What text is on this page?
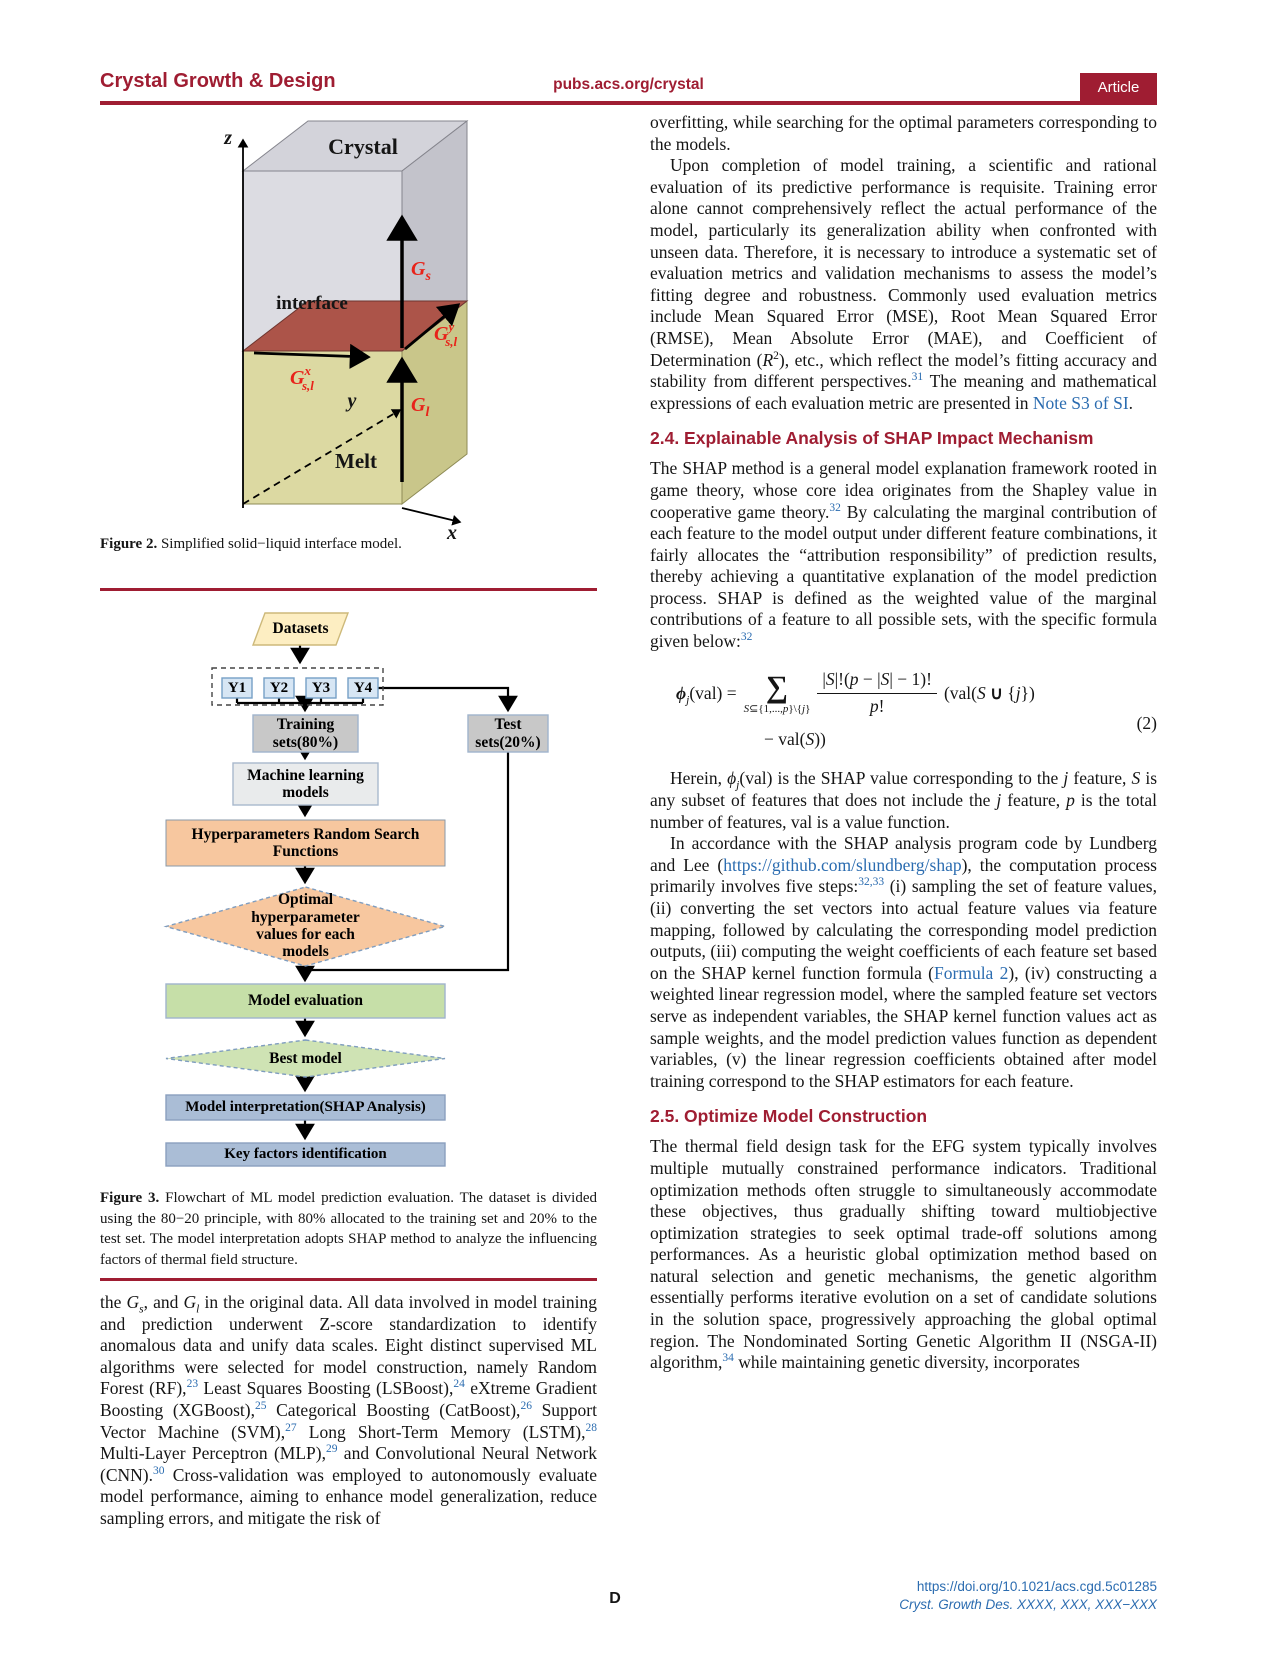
Crystal Growth & Design	pubs.acs.org/crystal	Article
Crystal
interface
Melt
z
y
x
$G_s$
$G_l$
$G^x$ s,l
$G^y$ s,l
Figure 2. Simplified solid−liquid interface model.
Datasets
Y1	Y2	Y3	Y4
Training sets(80%)
Test sets(20%)
Machine learning models
Hyperparameters Random Search Functions
Optimal hyperparameter values for each models
Model evaluation
Best model
Model interpretation(SHAP Analysis)
Key factors identification
Figure 3. Flowchart of ML model prediction evaluation. The dataset is divided using the 80−20 principle, with 80% allocated to the training set and 20% to the test set. The model interpretation adopts SHAP method to analyze the influencing factors of thermal field structure.

the $G_s$, and $G_l$ in the original data. All data involved in model training and prediction underwent Z-score standardization to identify anomalous data and unify data scales. Eight distinct supervised ML algorithms were selected for model construction, namely Random Forest (RF),$^{23}$ Least Squares Boosting (LSBoost),$^{24}$ eXtreme Gradient Boosting (XGBoost),$^{25}$ Categorical Boosting (CatBoost),$^{26}$ Support Vector Machine (SVM),$^{27}$ Long Short-Term Memory (LSTM),$^{28}$ Multi-Layer Perceptron (MLP),$^{29}$ and Convolutional Neural Network (CNN).$^{30}$ Cross-validation was employed to autonomously evaluate model performance, aiming to enhance model generalization, reduce sampling errors, and mitigate the risk of

overfitting, while searching for the optimal parameters corresponding to the models.

Upon completion of model training, a scientific and rational evaluation of its predictive performance is requisite. Training error alone cannot comprehensively reflect the actual performance of the model, particularly its generalization ability when confronted with unseen data. Therefore, it is necessary to introduce a systematic set of evaluation metrics and validation mechanisms to assess the model’s fitting degree and robustness. Commonly used evaluation metrics include Mean Squared Error (MSE), Root Mean Squared Error (RMSE), Mean Absolute Error (MAE), and Coefficient of Determination $(R^2)$, etc., which reflect the model’s fitting accuracy and stability from different perspectives.$^{31}$ The meaning and mathematical expressions of each evaluation metric are presented in Note S3 of SI.

2.4. Explainable Analysis of SHAP Impact Mechanism

The SHAP method is a general model explanation framework rooted in game theory, whose core idea originates from the Shapley value in cooperative game theory.$^{32}$ By calculating the marginal contribution of each feature to the model output under different feature combinations, it fairly allocates the “attribution responsibility” of prediction results, thereby achieving a quantitative explanation of the model prediction process. SHAP is defined as the weighted value of the marginal contributions of a feature to all possible sets, with the specific formula given below:$^{32}$

$\phi_j(val)$ = ∑
S⊆{1,...,p}\{j} $\frac{|S|!(p - |S| - 1)!}{p!} (val(S$ ∪ {j})
− val(S))
(2)

Herein, $\phi_j(val)$ is the SHAP value corresponding to the j feature, S is any subset of features that does not include the j feature, p is the total number of features, val is a value function.

In accordance with the SHAP analysis program code by Lundberg and Lee (https://github.com/slundberg/shap), the computation process primarily involves five steps:$^{32,33}$ (i) sampling the set of feature values, (ii) converting the set vectors into actual feature values via feature mapping, followed by calculating the corresponding model prediction outputs, (iii) computing the weight coefficients of each feature set based on the SHAP kernel function formula (Formula 2), (iv) constructing a weighted linear regression model, where the sampled feature set vectors serve as independent variables, the SHAP kernel function values act as sample weights, and the model prediction values function as dependent variables, (v) the linear regression coefficients obtained after model training correspond to the SHAP estimators for each feature.

2.5. Optimize Model Construction

The thermal field design task for the EFG system typically involves multiple mutually constrained performance indicators. Traditional optimization methods often struggle to simultaneously accommodate these objectives, thus gradually shifting toward multiobjective optimization strategies to seek optimal trade-off solutions among performances. As a heuristic global optimization method based on natural selection and genetic mechanisms, the genetic algorithm essentially performs iterative evolution on a set of candidate solutions in the solution space, progressively approaching the global optimal region. The Nondominated Sorting Genetic Algorithm II (NSGA-II) algorithm,$^{34}$ while maintaining genetic diversity, incorporates

D
https://doi.org/10.1021/acs.cgd.5c01285
Cryst. Growth Des. XXXX, XXX, XXX−XXX
